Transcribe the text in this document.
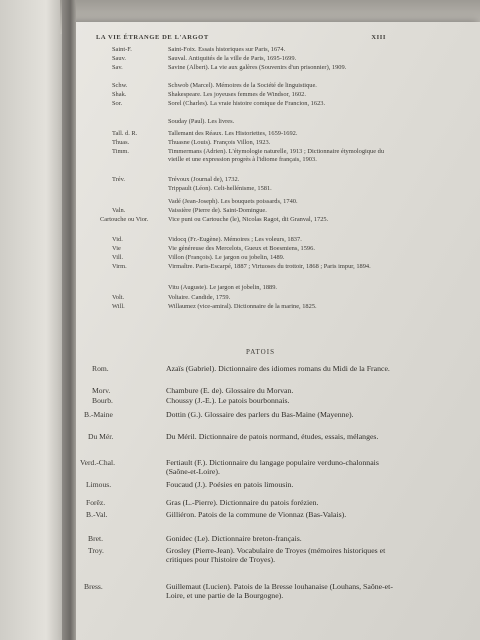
LA VIE ÉTRANGE DE L'ARGOT	XIII
Saint-F.	Saint-Foix. Essais historiques sur Paris, 1674.
Sauv.	Sauval. Antiquités de la ville de Paris, 1695-1699.
Sav.	Savine (Albert). La vie aux galères (Souvenirs d'un prisonnier), 1909.
Schw.	Schwob (Marcel). Mémoires de la Société de linguistique.
Shak.	Shakespeare. Les joyeuses femmes de Windsor, 1602.
Sor.	Sorel (Charles). La vraie histoire comique de Francion, 1623.
Souday (Paul). Les livres.
Tall. d. R.	Tallemant des Réaux. Les Historiettes, 1659-1692.
Thuas.	Thuasne (Louis). François Villon, 1923.
Timm.	Timmermans (Adrien). L'étymologie naturelle, 1913 ; Dictionnaire étymologique du vieille et une expression progrès à l'idiome français, 1903.
Trév.	Trévoux (Journal de), 1732.
Trippault (Léon). Celt-hellénisme, 1581.
Vadé (Jean-Joseph). Les bouquets poissards, 1740.
Valn.	Vaissière (Pierre de). Saint-Domingue.
Cartouche ou Vior.	Vice puni ou Cartouche (le), Nicolas Ragot, dit Granval, 1725.
Vid.	Vidocq (Fr.-Eugène). Mémoires ; Les voleurs, 1837.
Vie	Vie généreuse des Mercelots, Gueux et Boesmiens, 1596.
Vill.	Villon (François). Le jargon ou jobelin, 1489.
Virm.	Virmaître. Paris-Escarpé, 1887 ; Virtuoses du trottoir, 1868 ; Paris impur, 1894.
Vitu (Auguste). Le jargon et jobelin, 1889.
Volt.	Voltaire. Candide, 1759.
Will.	Willaumez (vice-amiral). Dictionnaire de la marine, 1825.
PATOIS
Rom.	Azaïs (Gabriel). Dictionnaire des idiomes romans du Midi de la France.
Morv.	Chambure (E. de). Glossaire du Morvan.
Bourb.	Choussy (J.-E.). Le patois bourbonnais.
B.-Maine	Dottin (G.). Glossaire des parlers du Bas-Maine (Mayenne).
Du Mér.	Du Méril. Dictionnaire de patois normand, études, essais, mélanges.
Verd.-Chal.	Fertiault (F.). Dictionnaire du langage populaire verduno-chalonnais (Saône-et-Loire).
Limous.	Foucaud (J.). Poésies en patois limousin.
Forêz.	Gras (L.-Pierre). Dictionnaire du patois forézien.
B.-Val.	Gilliéron. Patois de la commune de Vionnaz (Bas-Valais).
Bret.	Gonidec (Le). Dictionnaire breton-français.
Troy.	Grosley (Pierre-Jean). Vocabulaire de Troyes (mémoires historiques et critiques pour l'histoire de Troyes).
Bress.	Guillemaut (Lucien). Patois de la Bresse louhanaise (Louhans, Saône-et-Loire, et une partie de la Bourgogne).
